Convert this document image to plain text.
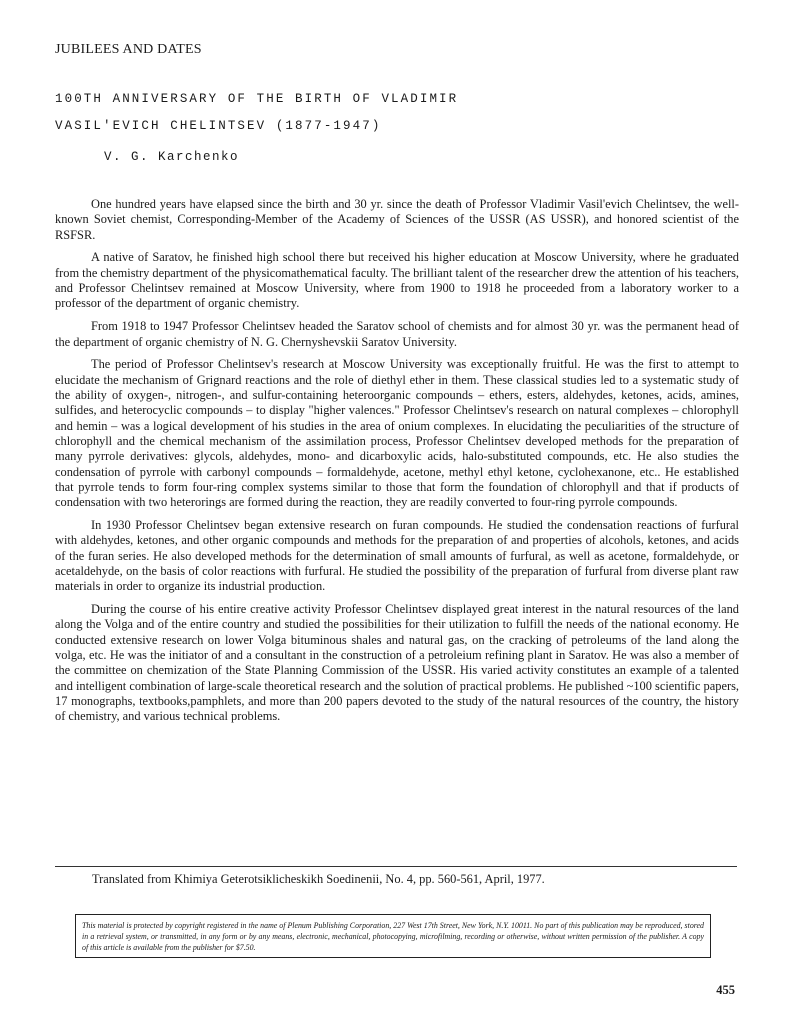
JUBILEES AND DATES
100TH ANNIVERSARY OF THE BIRTH OF VLADIMIR
VASIL'EVICH CHELINTSEV (1877-1947)
V. G. Karchenko

One hundred years have elapsed since the birth and 30 yr. since the death of Professor Vladimir Vasil'evich Chelintsev, the well-known Soviet chemist, Corresponding-Member of the Academy of Sciences of the USSR (AS USSR), and honored scientist of the RSFSR.

A native of Saratov, he finished high school there but received his higher education at Moscow University, where he graduated from the chemistry department of the physicomathematical faculty. The brilliant talent of the researcher drew the attention of his teachers, and Professor Chelintsev remained at Moscow University, where from 1900 to 1918 he proceeded from a laboratory worker to a professor of the department of organic chemistry.

From 1918 to 1947 Professor Chelintsev headed the Saratov school of chemists and for almost 30 yr. was the permanent head of the department of organic chemistry of N. G. Chernyshevskii Saratov University.

The period of Professor Chelintsev's research at Moscow University was exceptionally fruitful. He was the first to attempt to elucidate the mechanism of Grignard reactions and the role of diethyl ether in them. These classical studies led to a systematic study of the ability of oxygen-, nitrogen-, and sulfur-containing heteroorganic compounds – ethers, esters, aldehydes, ketones, acids, amines, sulfides, and heterocyclic compounds – to display "higher valences." Professor Chelintsev's research on natural complexes – chlorophyll and hemin – was a logical development of his studies in the area of onium complexes. In elucidating the peculiarities of the structure of chlorophyll and the chemical mechanism of the assimilation process, Professor Chelintsev developed methods for the preparation of many pyrrole derivatives: glycols, aldehydes, mono- and dicarboxylic acids, halo-substituted compounds, etc. He also studies the condensation of pyrrole with carbonyl compounds – formaldehyde, acetone, methyl ethyl ketone, cyclohexanone, etc.. He established that pyrrole tends to form four-ring complex systems similar to those that form the foundation of chlorophyll and that if products of condensation with two heterorings are formed during the reaction, they are readily converted to four-ring pyrrole compounds.

In 1930 Professor Chelintsev began extensive research on furan compounds. He studied the condensation reactions of furfural with aldehydes, ketones, and other organic compounds and methods for the preparation of and properties of alcohols, ketones, and acids of the furan series. He also developed methods for the determination of small amounts of furfural, as well as acetone, formaldehyde, or acetaldehyde, on the basis of color reactions with furfural. He studied the possibility of the preparation of furfural from diverse plant raw materials in order to organize its industrial production.

During the course of his entire creative activity Professor Chelintsev displayed great interest in the natural resources of the land along the Volga and of the entire country and studied the possibilities for their utilization to fulfill the needs of the national economy. He conducted extensive research on lower Volga bituminous shales and natural gas, on the cracking of petroleums of the land along the volga, etc. He was the initiator of and a consultant in the construction of a petroleium refining plant in Saratov. He was also a member of the committee on chemization of the State Planning Commission of the USSR. His varied activity constitutes an example of a talented and intelligent combination of large-scale theoretical research and the solution of practical problems. He published ~100 scientific papers, 17 monographs, textbooks,pamphlets, and more than 200 papers devoted to the study of the natural resources of the country, the history of chemistry, and various technical problems.

Translated from Khimiya Geterotsiklicheskikh Soedinenii, No. 4, pp. 560-561, April, 1977.
This material is protected by copyright registered in the name of Plenum Publishing Corporation, 227 West 17th Street, New York, N.Y. 10011. No part of this publication may be reproduced, stored in a retrieval system, or transmitted, in any form or by any means, electronic, mechanical, photocopying, microfilming, recording or otherwise, without written permission of the publisher. A copy of this article is available from the publisher for $7.50.
455
